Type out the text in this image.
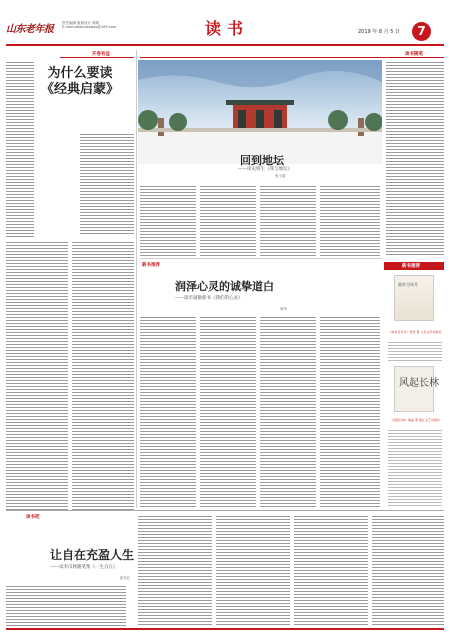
山东老年报
责任编辑 版面设计 邮箱
E-mail:sdlaonianbao@163.com	读书	2019 年 8 月 5 日	7
开卷有益
为什么要读《经典启蒙》
读书随笔
回到地坛
——读史铁生《我与地坛》
张小霞
新书推荐
润泽心灵的诚挚道白
——读毕淑敏新书《我们的心灵》
周华
新书推荐
故乡当年月
《故乡当年月》吴然 著 人民文学出版社
风起长林
《风起长林》海宴 著 浙江文艺出版社
读书吧
让自在充盈人生
——读李汉秋随笔集《一生自在》
崔东汇
